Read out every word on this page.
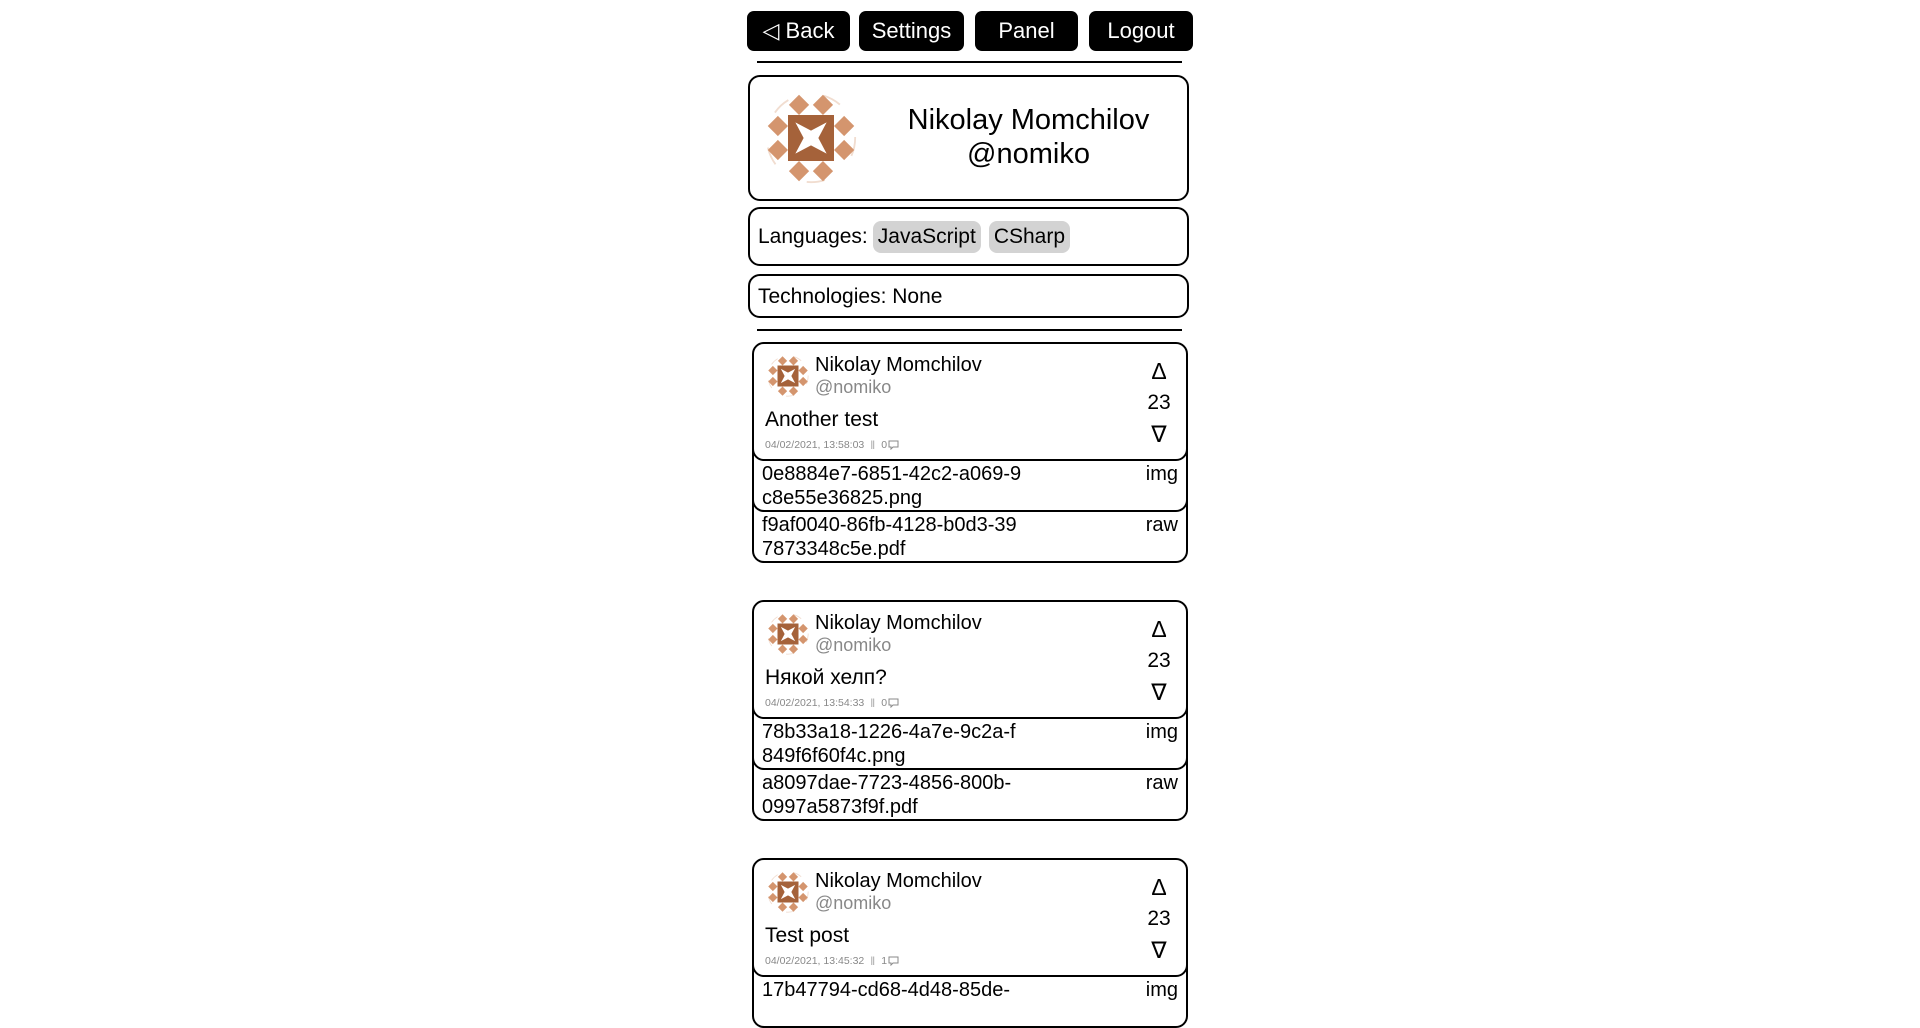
◁ Back	Settings	Panel	Logout
Nikolay Momchilov
@nomiko
Languages: JavaScript CSharp
Technologies: None
Nikolay Momchilov
@nomiko
Another test
04/02/2021, 13:58:03 ‖ 0
Δ
23
∇
0e8884e7-6851-42c2-a069-9c8e55e36825.png
img
f9af0040-86fb-4128-b0d3-397873348c5e.pdf
raw
Nikolay Momchilov
@nomiko
Някой хелп?
04/02/2021, 13:54:33 ‖ 0
Δ
23
∇
78b33a18-1226-4a7e-9c2a-f849f6f60f4c.png
img
a8097dae-7723-4856-800b-0997a5873f9f.pdf
raw
Nikolay Momchilov
@nomiko
Test post
04/02/2021, 13:45:32 ‖ 1
Δ
23
∇
17b47794-cd68-4d48-85de-	img
